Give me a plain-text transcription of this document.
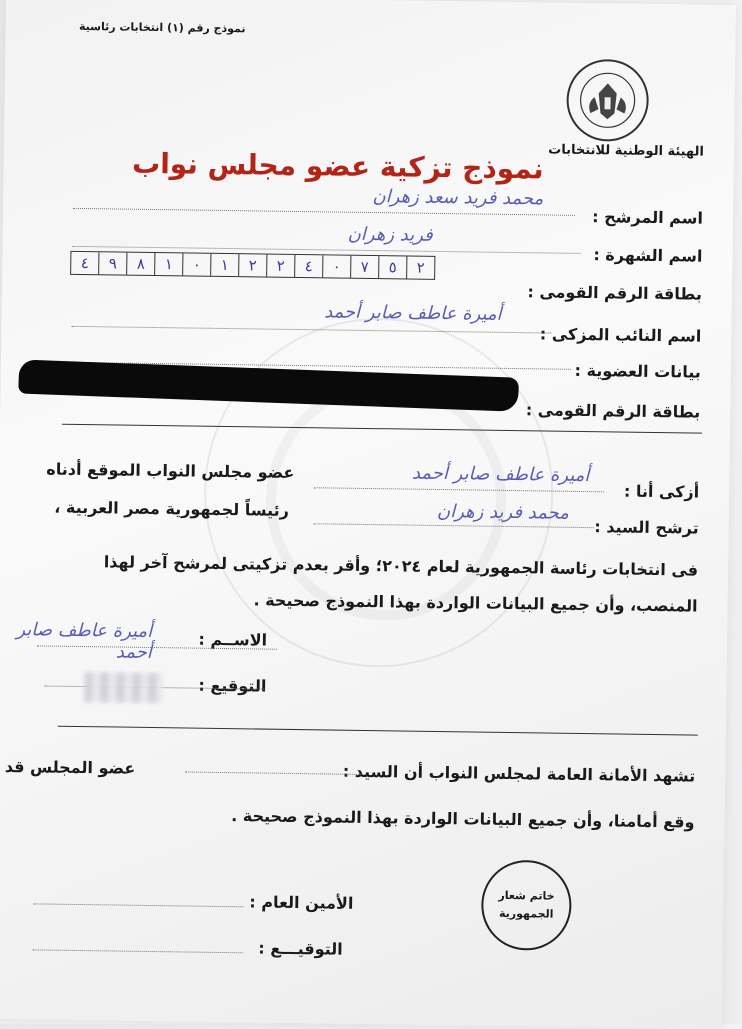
نموذج رقم (١) انتخابات رئاسية
الهيئة الوطنية للانتخابات
نموذج تزكية عضو مجلس نواب
اسم المرشح :
محمد فريد سعد زهران
اسم الشهرة :
فريد زهران
بطاقة الرقم القومى :
٢
٥
٧
٠
٤
٢
٢
١
٠
١
٨
٩
٤
اسم النائب المزكى :
أميرة عاطف صابر أحمد
بيانات العضوية :
بطاقة الرقم القومى :
أزكى أنا :
أميرة عاطف صابر أحمد
عضو مجلس النواب الموقع أدناه
ترشح السيد :
محمد فريد زهران
رئيساً لجمهورية مصر العربية ،
فى انتخابات رئاسة الجمهورية لعام ٢٠٢٤؛ وأقر بعدم تزكيتى لمرشح آخر لهذا
المنصب، وأن جميع البيانات الواردة بهذا النموذج صحيحة .
الاســم :
أميرة عاطف صابر أحمد
التوقيع :
تشهد الأمانة العامة لمجلس النواب أن السيد :
عضو المجلس قد
وقع أمامنا، وأن جميع البيانات الواردة بهذا النموذج صحيحة .
خاتم شعار
الجمهورية
الأمين العام :
التوقيـــع :
